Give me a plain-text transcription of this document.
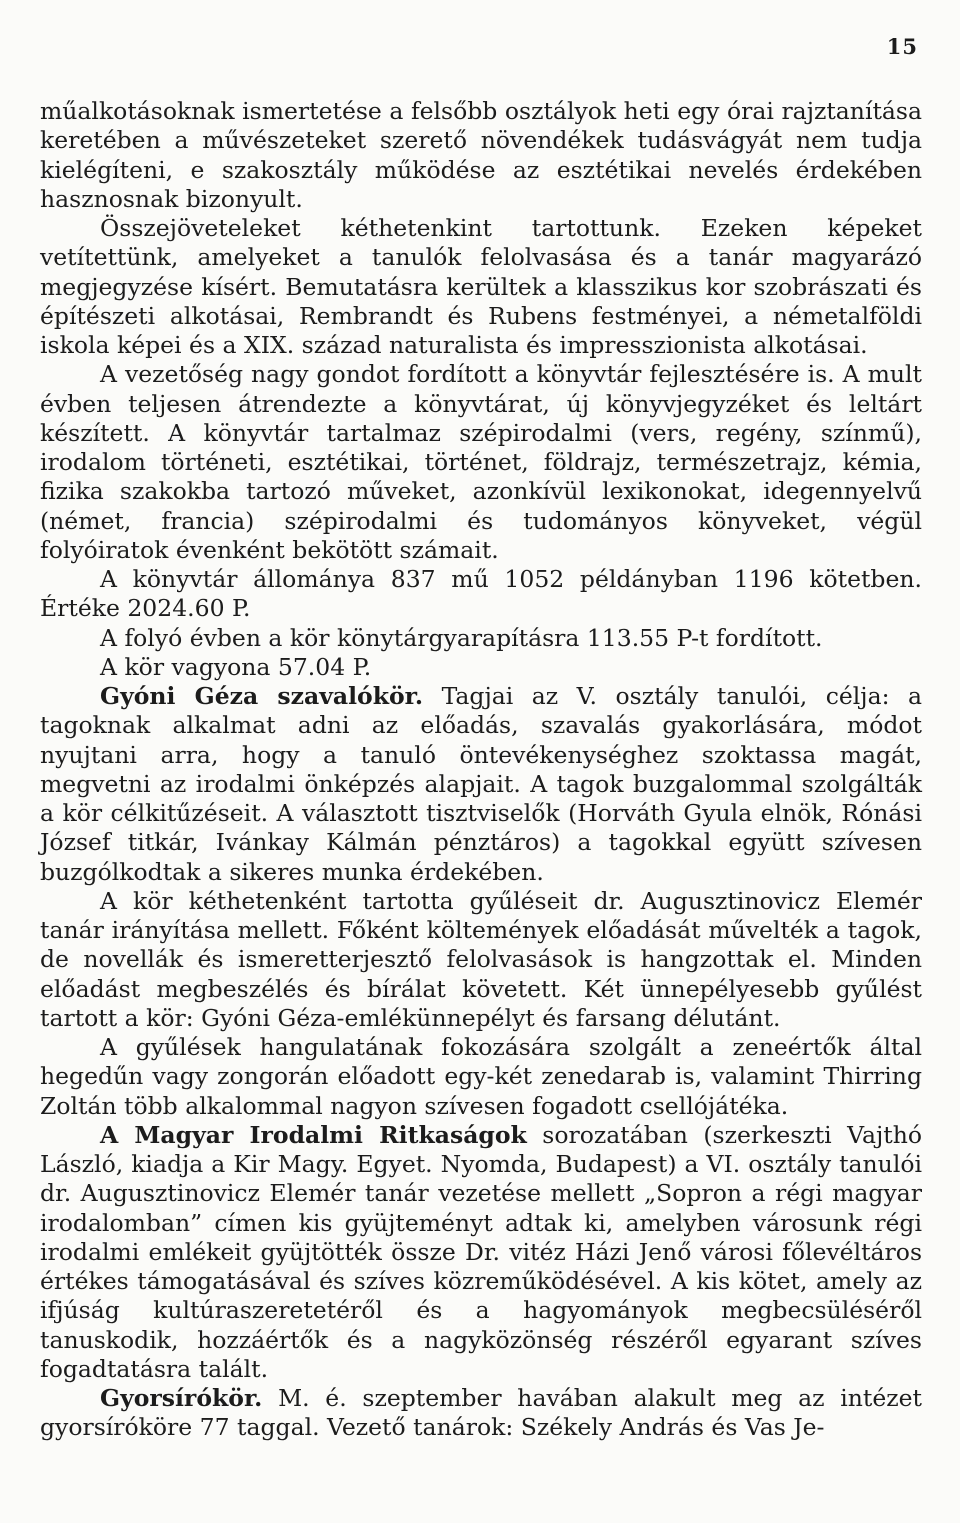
15

műalkotásoknak ismertetése a felsőbb osztályok heti egy órai rajztanítása keretében a művészeteket szerető növendékek tudásvágyát nem tudja kielégíteni, e szakosztály működése az esztétikai nevelés érdekében hasznosnak bizonyult.

Összejöveteleket kéthetenkint tartottunk. Ezeken képeket vetítettünk, amelyeket a tanulók felolvasása és a tanár magyarázó megjegyzése kísért. Bemutatásra kerültek a klasszikus kor szobrászati és építészeti alkotásai, Rembrandt és Rubens festményei, a németalföldi iskola képei és a XIX. század naturalista és impresszionista alkotásai.

A vezetőség nagy gondot fordított a könyvtár fejlesztésére is. A mult évben teljesen átrendezte a könyvtárat, új könyvjegyzéket és leltárt készített. A könyvtár tartalmaz szépirodalmi (vers, regény, színmű), irodalom történeti, esztétikai, történet, földrajz, természetrajz, kémia, fizika szakokba tartozó műveket, azonkívül lexikonokat, idegennyelvű (német, francia) szépirodalmi és tudományos könyveket, végül folyóiratok évenként bekötött számait.

A könyvtár állománya 837 mű 1052 példányban 1196 kötetben. Értéke 2024.60 P.

A folyó évben a kör könytárgyarapításra 113.55 P-t fordított.

A kör vagyona 57.04 P.

Gyóni Géza szavalókör. Tagjai az V. osztály tanulói, célja: a tagoknak alkalmat adni az előadás, szavalás gyakorlására, módot nyujtani arra, hogy a tanuló öntevékenységhez szoktassa magát, megvetni az irodalmi önképzés alapjait. A tagok buzgalommal szolgálták a kör célkitűzéseit. A választott tisztviselők (Horváth Gyula elnök, Rónási József titkár, Ivánkay Kálmán pénztáros) a tagokkal együtt szívesen buzgólkodtak a sikeres munka érdekében.

A kör kéthetenként tartotta gyűléseit dr. Augusztinovicz Elemér tanár irányítása mellett. Főként költemények előadását művelték a tagok, de novellák és ismeretterjesztő felolvasások is hangzottak el. Minden előadást megbeszélés és bírálat követett. Két ünnepélyesebb gyűlést tartott a kör: Gyóni Géza-emlékünnepélyt és farsang délutánt.

A gyűlések hangulatának fokozására szolgált a zeneértők által hegedűn vagy zongorán előadott egy-két zenedarab is, valamint Thirring Zoltán több alkalommal nagyon szívesen fogadott csellójátéka.

A Magyar Irodalmi Ritkaságok sorozatában (szerkeszti Vajthó László, kiadja a Kir Magy. Egyet. Nyomda, Budapest) a VI. osztály tanulói dr. Augusztinovicz Elemér tanár vezetése mellett „Sopron a régi magyar irodalomban” címen kis gyüjteményt adtak ki, amelyben városunk régi irodalmi emlékeit gyüjtötték össze Dr. vitéz Házi Jenő városi főlevéltáros értékes támogatásával és szíves közreműködésével. A kis kötet, amely az ifjúság kultúraszeretetéről és a hagyományok megbecsüléséről tanuskodik, hozzáértők és a nagyközönség részéről egyarant szíves fogadtatásra talált.

Gyorsírókör. M. é. szeptember havában alakult meg az intézet gyorsíróköre 77 taggal. Vezető tanárok: Székely András és Vas Je-
